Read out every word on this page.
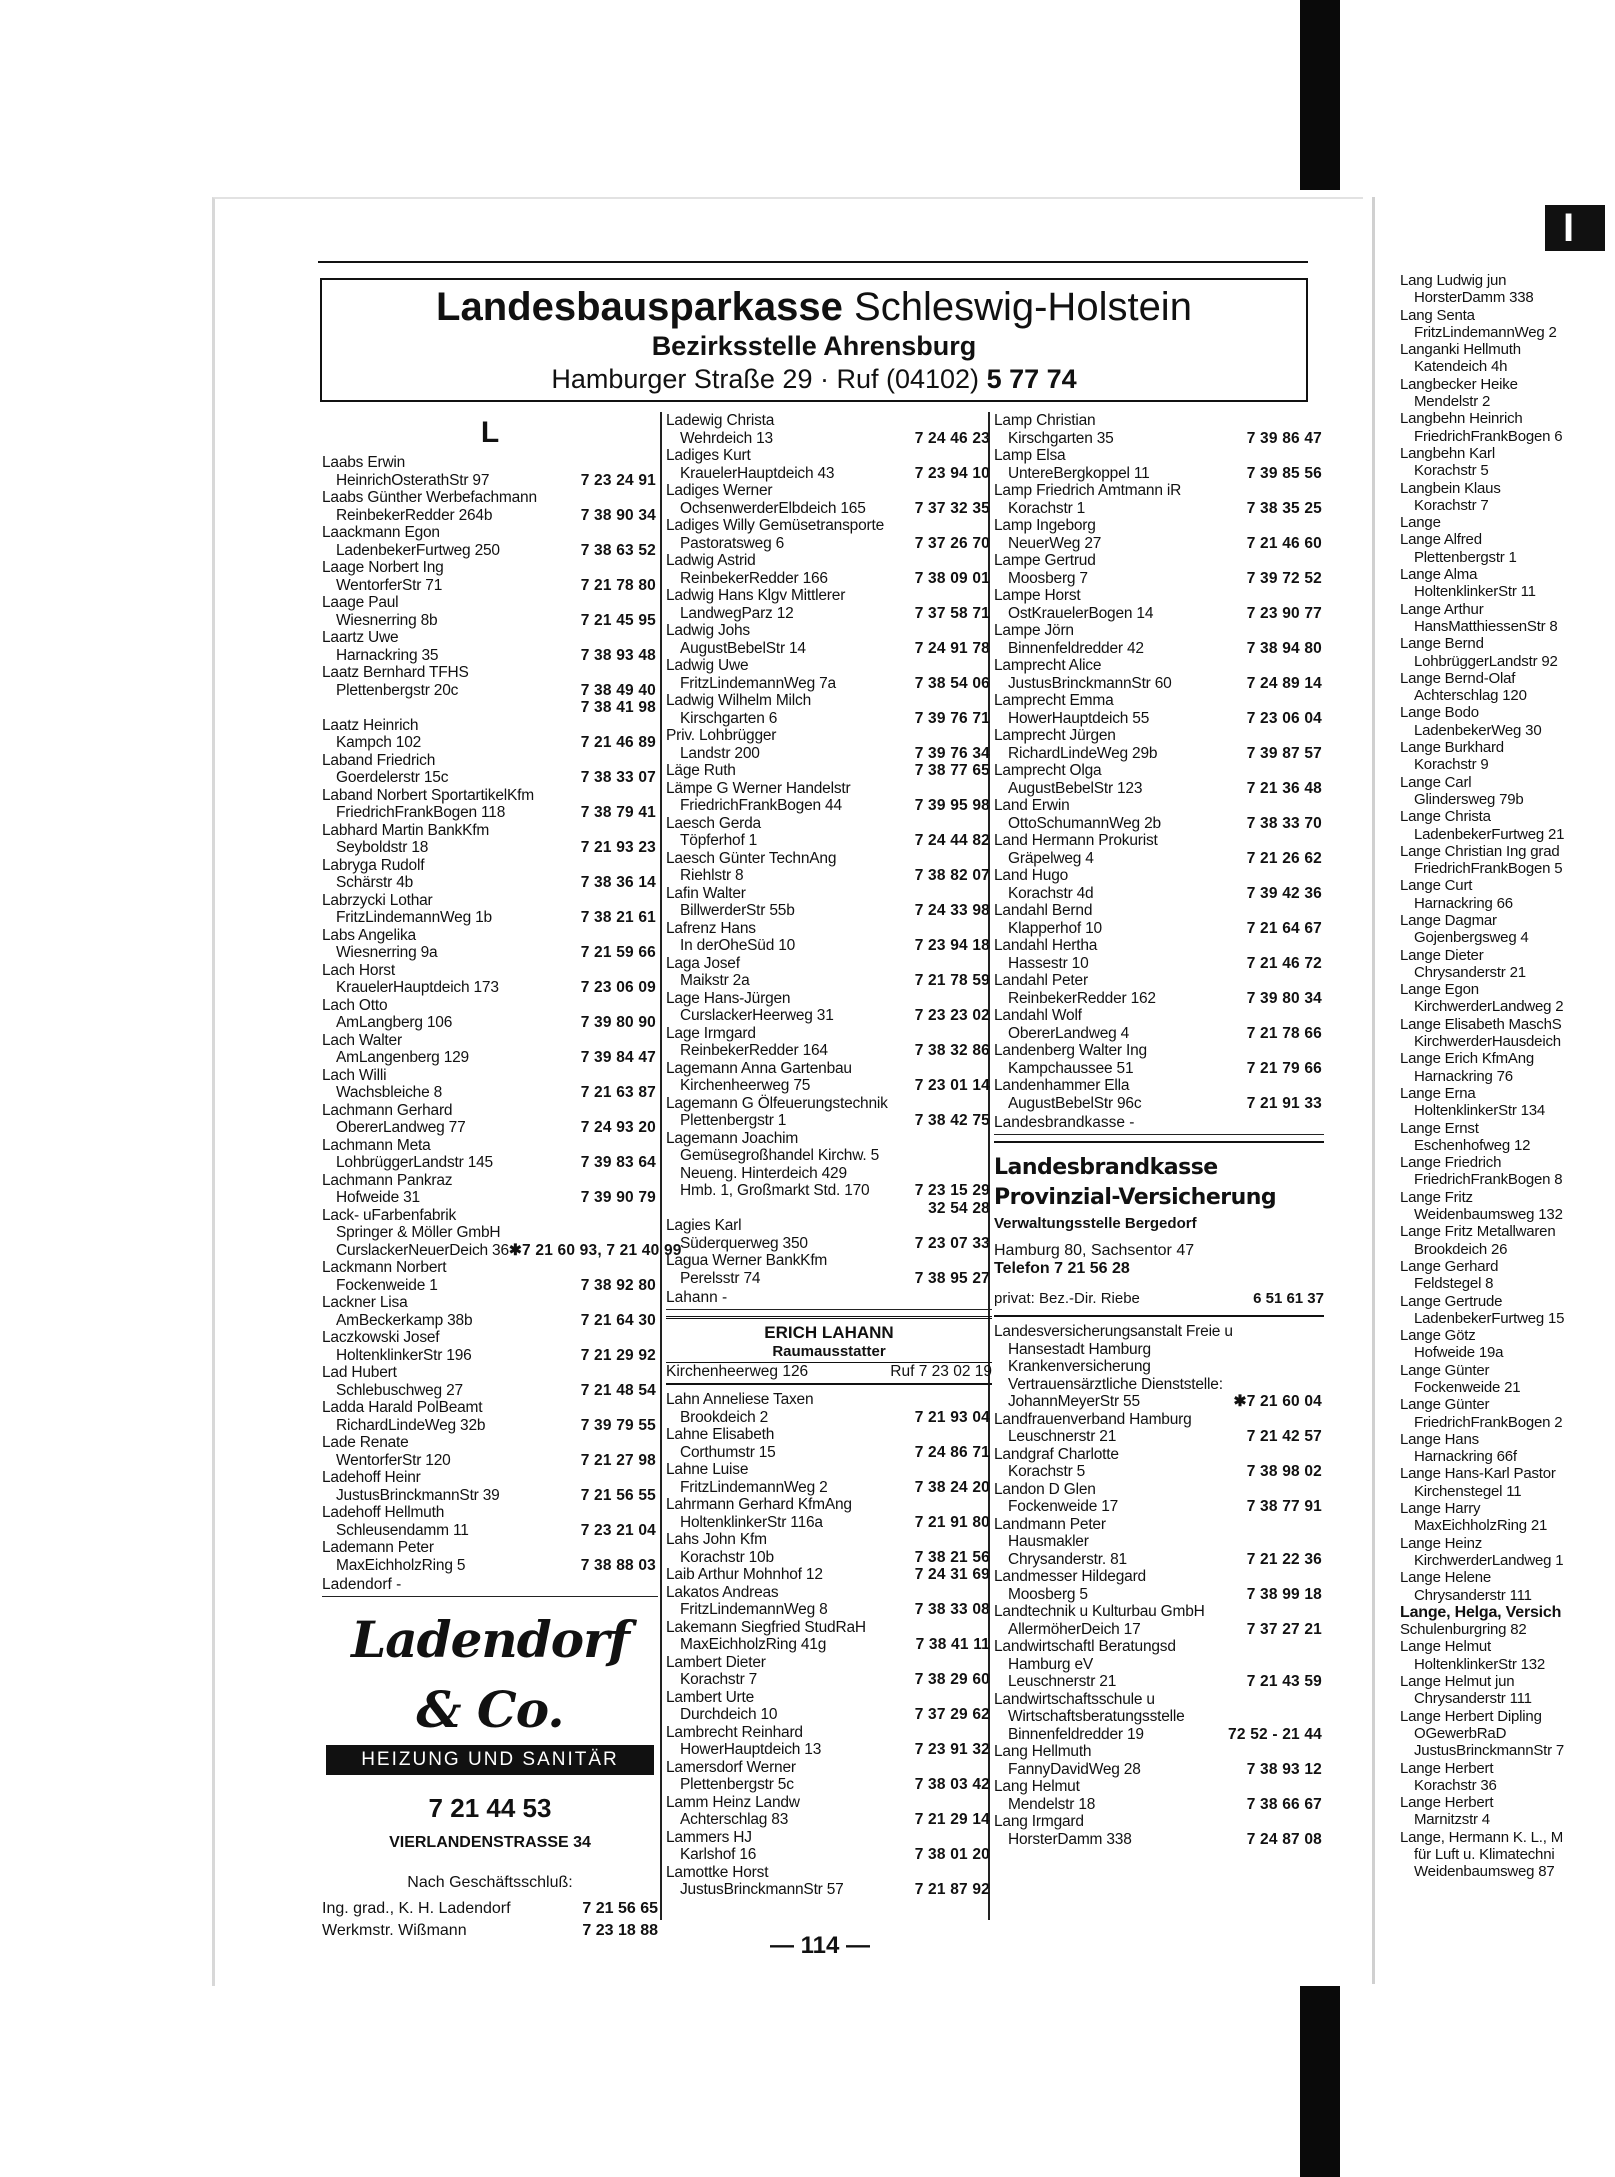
I
Landesbausparkasse Schleswig-Holstein
Bezirksstelle Ahrensburg
Hamburger Straße 29 · Ruf (04102) 5 77 74
L
Laabs Erwin
HeinrichOsterathStr 97	7 23 24 91
Laabs Günther Werbefachmann
ReinbekerRedder 264b	7 38 90 34
Laackmann Egon
LadenbekerFurtweg 250	7 38 63 52
Laage Norbert Ing
WentorferStr 71	7 21 78 80
Laage Paul
Wiesnerring 8b	7 21 45 95
Laartz Uwe
Harnackring 35	7 38 93 48
Laatz Bernhard TFHS
Plettenbergstr 20c	7 38 49 40
7 38 41 98
Laatz Heinrich
Kampch 102	7 21 46 89
Laband Friedrich
Goerdelerstr 15c	7 38 33 07
Laband Norbert SportartikelKfm
FriedrichFrankBogen 118	7 38 79 41
Labhard Martin BankKfm
Seyboldstr 18	7 21 93 23
Labryga Rudolf
Schärstr 4b	7 38 36 14
Labrzycki Lothar
FritzLindemannWeg 1b	7 38 21 61
Labs Angelika
Wiesnerring 9a	7 21 59 66
Lach Horst
KrauelerHauptdeich 173	7 23 06 09
Lach Otto
AmLangberg 106	7 39 80 90
Lach Walter
AmLangenberg 129	7 39 84 47
Lach Willi
Wachsbleiche 8	7 21 63 87
Lachmann Gerhard
ObererLandweg 77	7 24 93 20
Lachmann Meta
LohbrüggerLandstr 145	7 39 83 64
Lachmann Pankraz
Hofweide 31	7 39 90 79
Lack- uFarbenfabrik
Springer & Möller GmbH
CurslackerNeuerDeich 36 ✱7 21 60 93, 7 21 40 99
Lackmann Norbert
Fockenweide 1	7 38 92 80
Lackner Lisa
AmBeckerkamp 38b	7 21 64 30
Laczkowski Josef
HoltenklinkerStr 196	7 21 29 92
Lad Hubert
Schlebuschweg 27	7 21 48 54
Ladda Harald PolBeamt
RichardLindeWeg 32b	7 39 79 55
Lade Renate
WentorferStr 120	7 21 27 98
Ladehoff Heinr
JustusBrinckmannStr 39	7 21 56 55
Ladehoff Hellmuth
Schleusendamm 11	7 23 21 04
Lademann Peter
MaxEichholzRing 5	7 38 88 03
Ladendorf -
Ladendorf & Co.
HEIZUNG UND SANITÄR
7 21 44 53
VIERLANDENSTRASSE 34
Nach Geschäftsschluß:
Ing. grad., K. H. Ladendorf	7 21 56 65
Werkmstr. Wißmann	7 23 18 88
Ladewig Christa
Wehrdeich 13	7 24 46 23
Ladiges Kurt
KrauelerHauptdeich 43	7 23 94 10
Ladiges Werner
OchsenwerderElbdeich 165	7 37 32 35
Ladiges Willy Gemüsetransporte
Pastoratsweg 6	7 37 26 70
Ladwig Astrid
ReinbekerRedder 166	7 38 09 01
Ladwig Hans Klgv Mittlerer
LandwegParz 12	7 37 58 71
Ladwig Johs
AugustBebelStr 14	7 24 91 78
Ladwig Uwe
FritzLindemannWeg 7a	7 38 54 06
Ladwig Wilhelm Milch
Kirschgarten 6	7 39 76 71
Priv. Lohbrügger
Landstr 200	7 39 76 34
Läge Ruth	7 38 77 65
Lämpe G Werner Handelstr
FriedrichFrankBogen 44	7 39 95 98
Laesch Gerda
Töpferhof 1	7 24 44 82
Laesch Günter TechnAng
Riehlstr 8	7 38 82 07
Lafin Walter
BillwerderStr 55b	7 24 33 98
Lafrenz Hans
In derOheSüd 10	7 23 94 18
Laga Josef
Maikstr 2a	7 21 78 59
Lage Hans-Jürgen
CurslackerHeerweg 31	7 23 23 02
Lage Irmgard
ReinbekerRedder 164	7 38 32 86
Lagemann Anna Gartenbau
Kirchenheerweg 75	7 23 01 14
Lagemann G Ölfeuerungstechnik
Plettenbergstr 1	7 38 42 75
Lagemann Joachim
Gemüsegroßhandel Kirchw. 5
Neueng. Hinterdeich 429
Hmb. 1, Großmarkt Std. 170	7 23 15 29
32 54 28
Lagies Karl
Süderquerweg 350	7 23 07 33
Lagua Werner BankKfm
Perelsstr 74	7 38 95 27
Lahann -
ERICH LAHANN
Raumausstatter
Kirchenheerweg 126	Ruf 7 23 02 19
Lahn Anneliese Taxen
Brookdeich 2	7 21 93 04
Lahne Elisabeth
Corthumstr 15	7 24 86 71
Lahne Luise
FritzLindemannWeg 2	7 38 24 20
Lahrmann Gerhard KfmAng
HoltenklinkerStr 116a	7 21 91 80
Lahs John Kfm
Korachstr 10b	7 38 21 56
Laib Arthur Mohnhof 12	7 24 31 69
Lakatos Andreas
FritzLindemannWeg 8	7 38 33 08
Lakemann Siegfried StudRaH
MaxEichholzRing 41g	7 38 41 11
Lambert Dieter
Korachstr 7	7 38 29 60
Lambert Urte
Durchdeich 10	7 37 29 62
Lambrecht Reinhard
HowerHauptdeich 13	7 23 91 32
Lamersdorf Werner
Plettenbergstr 5c	7 38 03 42
Lamm Heinz Landw
Achterschlag 83	7 21 29 14
Lammers HJ
Karlshof 16	7 38 01 20
Lamottke Horst
JustusBrinckmannStr 57	7 21 87 92
Lamp Christian
Kirschgarten 35	7 39 86 47
Lamp Elsa
UntereBergkoppel 11	7 39 85 56
Lamp Friedrich Amtmann iR
Korachstr 1	7 38 35 25
Lamp Ingeborg
NeuerWeg 27	7 21 46 60
Lampe Gertrud
Moosberg 7	7 39 72 52
Lampe Horst
OstKrauelerBogen 14	7 23 90 77
Lampe Jörn
Binnenfeldredder 42	7 38 94 80
Lamprecht Alice
JustusBrinckmannStr 60	7 24 89 14
Lamprecht Emma
HowerHauptdeich 55	7 23 06 04
Lamprecht Jürgen
RichardLindeWeg 29b	7 39 87 57
Lamprecht Olga
AugustBebelStr 123	7 21 36 48
Land Erwin
OttoSchumannWeg 2b	7 38 33 70
Land Hermann Prokurist
Gräpelweg 4	7 21 26 62
Land Hugo
Korachstr 4d	7 39 42 36
Landahl Bernd
Klapperhof 10	7 21 64 67
Landahl Hertha
Hassestr 10	7 21 46 72
Landahl Peter
ReinbekerRedder 162	7 39 80 34
Landahl Wolf
ObererLandweg 4	7 21 78 66
Landenberg Walter Ing
Kampchaussee 51	7 21 79 66
Landenhammer Ella
AugustBebelStr 96c	7 21 91 33
Landesbrandkasse -
Landesbrandkasse
Provinzial-Versicherung
Verwaltungsstelle Bergedorf
Hamburg 80, Sachsentor 47
Telefon 7 21 56 28
privat: Bez.-Dir. Riebe	6 51 61 37
Landesversicherungsanstalt Freie u
Hansestadt Hamburg
Krankenversicherung
Vertrauensärztliche Dienststelle:
JohannMeyerStr 55	✱7 21 60 04
Landfrauenverband Hamburg
Leuschnerstr 21	7 21 42 57
Landgraf Charlotte
Korachstr 5	7 38 98 02
Landon D Glen
Fockenweide 17	7 38 77 91
Landmann Peter
Hausmakler
Chrysanderstr. 81	7 21 22 36
Landmesser Hildegard
Moosberg 5	7 38 99 18
Landtechnik u Kulturbau GmbH
AllermöherDeich 17	7 37 27 21
Landwirtschaftl Beratungsd
Hamburg eV
Leuschnerstr 21	7 21 43 59
Landwirtschaftsschule u
Wirtschaftsberatungsstelle
Binnenfeldredder 19	72 52 - 21 44
Lang Hellmuth
FannyDavidWeg 28	7 38 93 12
Lang Helmut
Mendelstr 18	7 38 66 67
Lang Irmgard
HorsterDamm 338	7 24 87 08
Lang Ludwig jun
HorsterDamm 338
Lang Senta
FritzLindemannWeg 2
Langanki Hellmuth
Katendeich 4h
Langbecker Heike
Mendelstr 2
Langbehn Heinrich
FriedrichFrankBogen 6
Langbehn Karl
Korachstr 5
Langbein Klaus
Korachstr 7
Lange
Lange Alfred
Plettenbergstr 1
Lange Alma
HoltenklinkerStr 11
Lange Arthur
HansMatthiessenStr 8
Lange Bernd
LohbrüggerLandstr 92
Lange Bernd-Olaf
Achterschlag 120
Lange Bodo
LadenbekerWeg 30
Lange Burkhard
Korachstr 9
Lange Carl
Glindersweg 79b
Lange Christa
LadenbekerFurtweg 21
Lange Christian Ing grad
FriedrichFrankBogen 5
Lange Curt
Harnackring 66
Lange Dagmar
Gojenbergsweg 4
Lange Dieter
Chrysanderstr 21
Lange Egon
KirchwerderLandweg 2
Lange Elisabeth MaschS
KirchwerderHausdeich
Lange Erich KfmAng
Harnackring 76
Lange Erna
HoltenklinkerStr 134
Lange Ernst
Eschenhofweg 12
Lange Friedrich
FriedrichFrankBogen 8
Lange Fritz
Weidenbaumsweg 132
Lange Fritz Metallwaren
Brookdeich 26
Lange Gerhard
Feldstegel 8
Lange Gertrude
LadenbekerFurtweg 15
Lange Götz
Hofweide 19a
Lange Günter
Fockenweide 21
Lange Günter
FriedrichFrankBogen 2
Lange Hans
Harnackring 66f
Lange Hans-Karl Pastor
Kirchenstegel 11
Lange Harry
MaxEichholzRing 21
Lange Heinz
KirchwerderLandweg 1
Lange Helene
Chrysanderstr 111
Lange, Helga, Versich
Schulenburgring 82
Lange Helmut
HoltenklinkerStr 132
Lange Helmut jun
Chrysanderstr 111
Lange Herbert Dipling
OGewerbRaD
JustusBrinckmannStr 7
Lange Herbert
Korachstr 36
Lange Herbert
Marnitzstr 4
Lange, Hermann K. L., M
für Luft u. Klimatechni
Weidenbaumsweg 87
— 114 —
